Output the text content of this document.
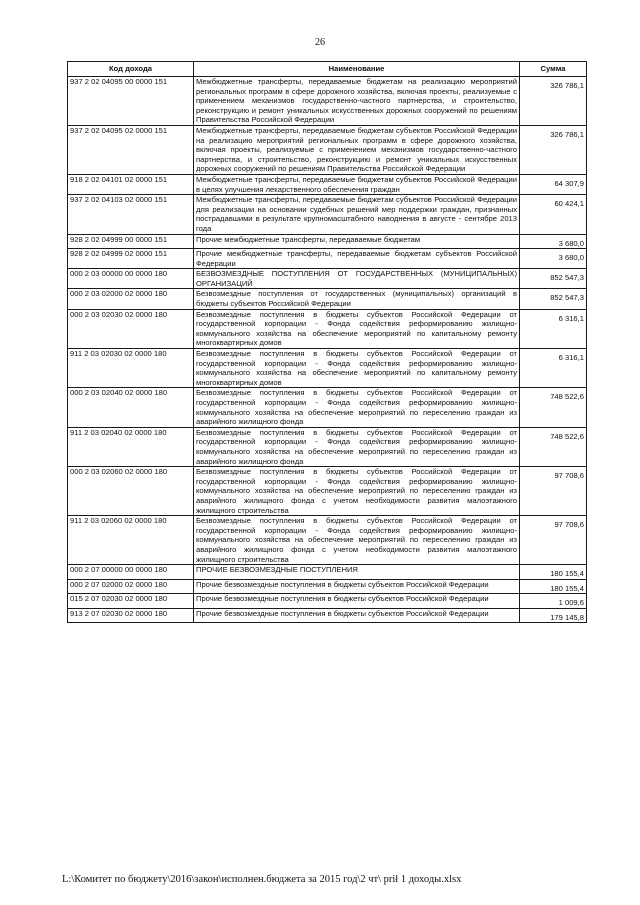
26
Код дохода	Наименование	Сумма
937 2 02 04095 00 0000 151	Межбюджетные трансферты, передаваемые бюджетам на реализацию мероприятий региональных программ в сфере дорожного хозяйства, включая проекты, реализуемые с применением механизмов государственно-частного партнерства, и строительство, реконструкцию и ремонт уникальных искусственных дорожных сооружений по решениям Правительства Российской Федерации	326 786,1
937 2 02 04095 02 0000 151	Межбюджетные трансферты, передаваемые бюджетам субъектов Российской Федерации на реализацию мероприятий региональных программ в сфере дорожного хозяйства, включая проекты, реализуемые с применением механизмов государственно-частного партнерства, и строительство, реконструкцию и ремонт уникальных искусственных дорожных сооружений по решениям Правительства Российской Федерации	326 786,1
918 2 02 04101 02 0000 151	Межбюджетные трансферты, передаваемые бюджетам субъектов Российской Федерации в целях улучшения лекарственного обеспечения граждан	64 307,9
937 2 02 04103 02 0000 151	Межбюджетные трансферты, передаваемые бюджетам субъектов Российской Федерации для реализации на основании судебных решений мер поддержки граждан, признанных пострадавшими в результате крупномасштабного наводнения в августе - сентябре 2013 года	60 424,1
928 2 02 04999 00 0000 151	Прочие межбюджетные трансферты, передаваемые бюджетам	3 680,0
928 2 02 04999 02 0000 151	Прочие межбюджетные трансферты, передаваемые бюджетам субъектов Российской Федерации	3 680,0
000 2 03 00000 00 0000 180	БЕЗВОЗМЕЗДНЫЕ ПОСТУПЛЕНИЯ ОТ ГОСУДАРСТВЕННЫХ (МУНИЦИПАЛЬНЫХ) ОРГАНИЗАЦИЙ	852 547,3
000 2 03 02000 02 0000 180	Безвозмездные поступления от государственных (муниципальных) организаций в бюджеты субъектов Российской Федерации	852 547,3
000 2 03 02030 02 0000 180	Безвозмездные поступления в бюджеты субъектов Российской Федерации от государственной корпорации - Фонда содействия реформированию жилищно-коммунального хозяйства на обеспечение мероприятий по капитальному ремонту многоквартирных домов	6 316,1
911 2 03 02030 02 0000 180	Безвозмездные поступления в бюджеты субъектов Российской Федерации от государственной корпорации - Фонда содействия реформированию жилищно-коммунального хозяйства на обеспечение мероприятий по капитальному ремонту многоквартирных домов	6 316,1
000 2 03 02040 02 0000 180	Безвозмездные поступления в бюджеты субъектов Российской Федерации от государственной корпорации - Фонда содействия реформированию жилищно-коммунального хозяйства на обеспечение мероприятий по переселению граждан из аварийного жилищного фонда	748 522,6
911 2 03 02040 02 0000 180	Безвозмездные поступления в бюджеты субъектов Российской Федерации от государственной корпорации - Фонда содействия реформированию жилищно-коммунального хозяйства на обеспечение мероприятий по переселению граждан из аварийного жилищного фонда	748 522,6
000 2 03 02060 02 0000 180	Безвозмездные поступления в бюджеты субъектов Российской Федерации от государственной корпорации - Фонда содействия реформированию жилищно-коммунального хозяйства на обеспечение мероприятий по переселению граждан из аварийного жилищного фонда с учетом необходимости развития малоэтажного жилищного строительства	97 708,6
911 2 03 02060 02 0000 180	Безвозмездные поступления в бюджеты субъектов Российской Федерации от государственной корпорации - Фонда содействия реформированию жилищно-коммунального хозяйства на обеспечение мероприятий по переселению граждан из аварийного жилищного фонда с учетом необходимости развития малоэтажного жилищного строительства	97 708,6
000 2 07 00000 00 0000 180	ПРОЧИЕ БЕЗВОЗМЕЗДНЫЕ ПОСТУПЛЕНИЯ	180 155,4
000 2 07 02000 02 0000 180	Прочие безвозмездные поступления в бюджеты субъектов Российской Федерации	180 155,4
015 2 07 02030 02 0000 180	Прочие безвозмездные поступления в бюджеты субъектов Российской Федерации	1 009,6
913 2 07 02030 02 0000 180	Прочие безвозмездные поступления в бюджеты субъектов Российской Федерации	179 145,8
L:\Комитет по бюджету\2016\закон\исполнен.бюджета за 2015 год\2 чт\ prił 1 доходы.xlsx
